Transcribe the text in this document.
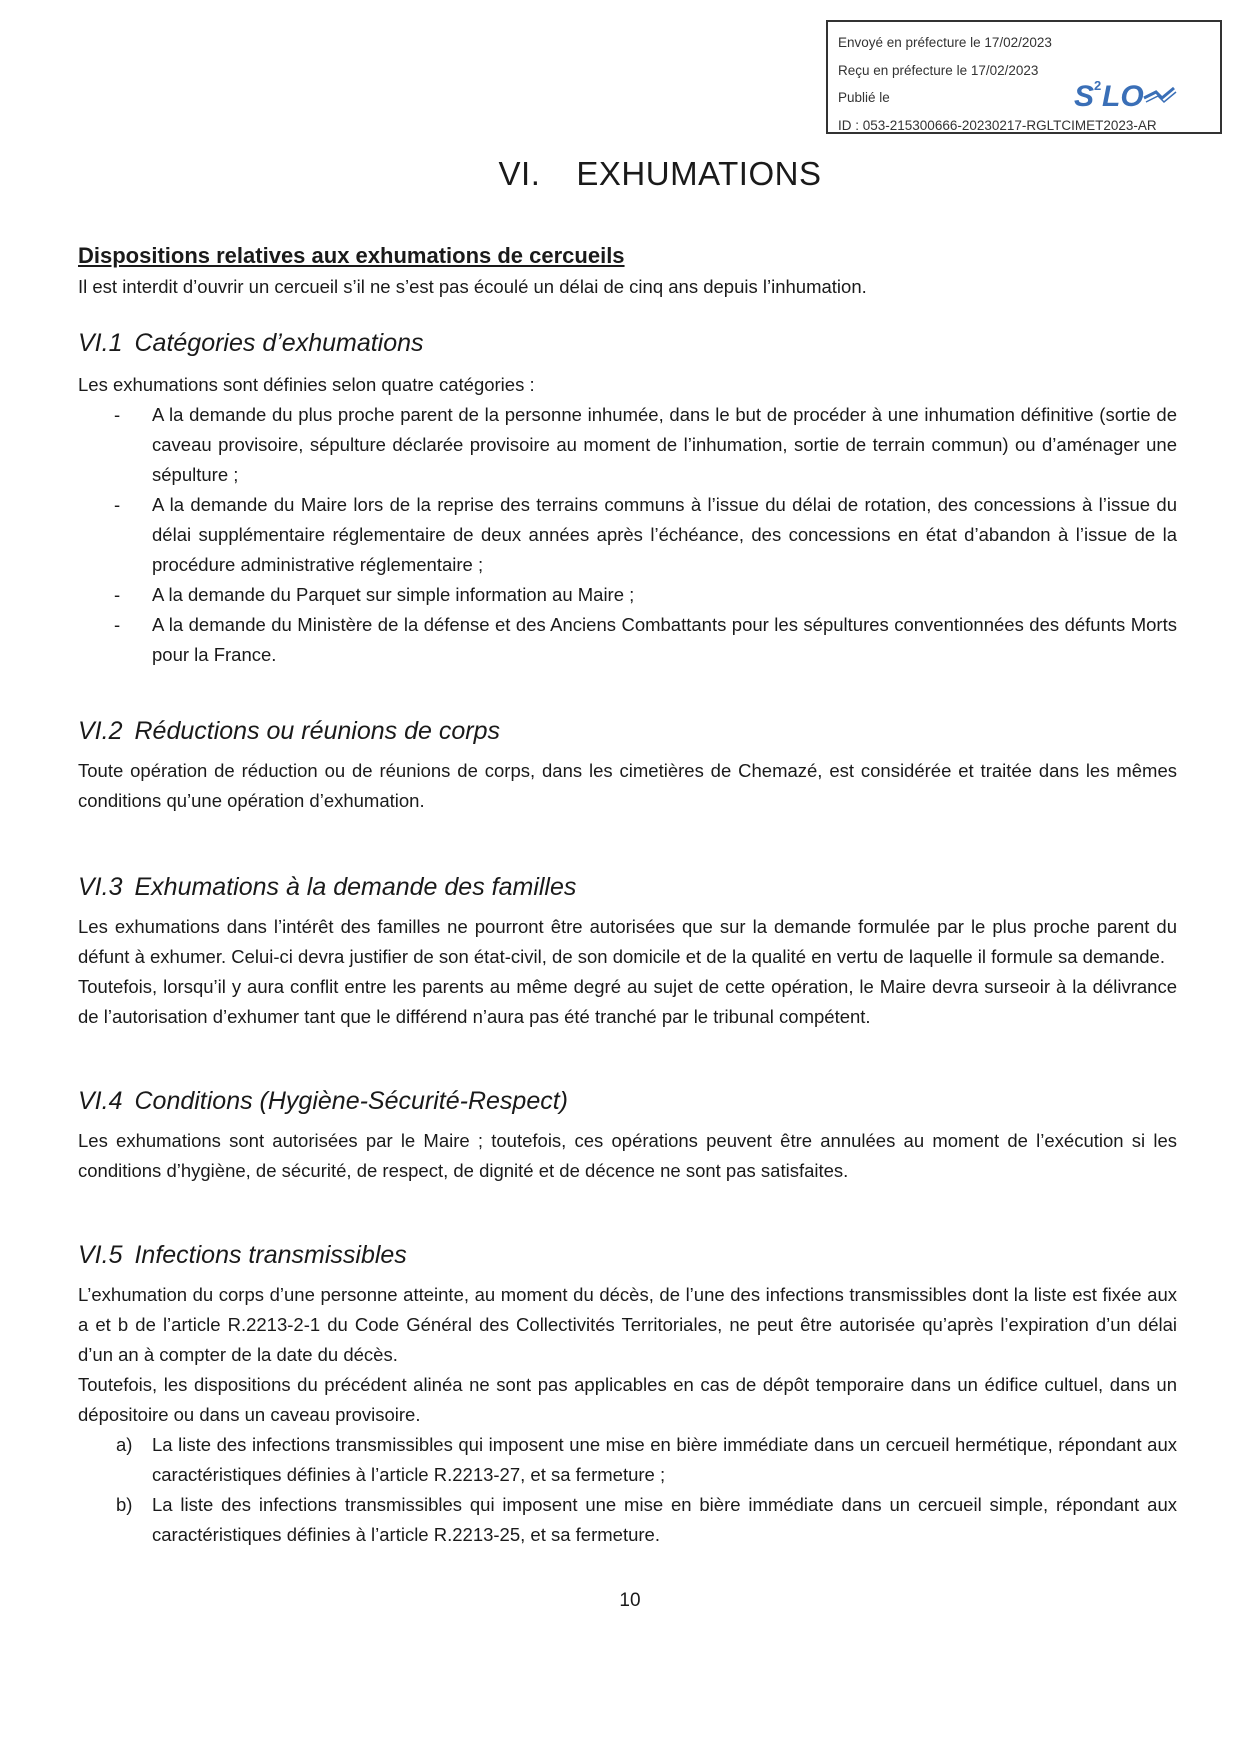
Envoyé en préfecture le 17/02/2023
Reçu en préfecture le 17/02/2023
Publié le
ID : 053-215300666-20230217-RGLTCIMET2023-AR
S 2 LO
VI. EXHUMATIONS
Dispositions relatives aux exhumations de cercueils

Il est interdit d’ouvrir un cercueil s’il ne s’est pas écoulé un délai de cinq ans depuis l’inhumation.

VI.1 Catégories d’exhumations

Les exhumations sont définies selon quatre catégories :

- A la demande du plus proche parent de la personne inhumée, dans le but de procéder à une inhumation définitive (sortie de caveau provisoire, sépulture déclarée provisoire au moment de l’inhumation, sortie de terrain commun) ou d’aménager une sépulture ;
- A la demande du Maire lors de la reprise des terrains communs à l’issue du délai de rotation, des concessions à l’issue du délai supplémentaire réglementaire de deux années après l’échéance, des concessions en état d’abandon à l’issue de la procédure administrative réglementaire ;
- A la demande du Parquet sur simple information au Maire ;
- A la demande du Ministère de la défense et des Anciens Combattants pour les sépultures conventionnées des défunts Morts pour la France.
VI.2 Réductions ou réunions de corps

Toute opération de réduction ou de réunions de corps, dans les cimetières de Chemazé, est considérée et traitée dans les mêmes conditions qu’une opération d’exhumation.

VI.3 Exhumations à la demande des familles

Les exhumations dans l’intérêt des familles ne pourront être autorisées que sur la demande formulée par le plus proche parent du défunt à exhumer. Celui-ci devra justifier de son état-civil, de son domicile et de la qualité en vertu de laquelle il formule sa demande.

Toutefois, lorsqu’il y aura conflit entre les parents au même degré au sujet de cette opération, le Maire devra surseoir à la délivrance de l’autorisation d’exhumer tant que le différend n’aura pas été tranché par le tribunal compétent.

VI.4 Conditions (Hygiène-Sécurité-Respect)

Les exhumations sont autorisées par le Maire ; toutefois, ces opérations peuvent être annulées au moment de l’exécution si les conditions d’hygiène, de sécurité, de respect, de dignité et de décence ne sont pas satisfaites.

VI.5 Infections transmissibles

L’exhumation du corps d’une personne atteinte, au moment du décès, de l’une des infections transmissibles dont la liste est fixée aux a et b de l’article R.2213-2-1 du Code Général des Collectivités Territoriales, ne peut être autorisée qu’après l’expiration d’un délai d’un an à compter de la date du décès.

Toutefois, les dispositions du précédent alinéa ne sont pas applicables en cas de dépôt temporaire dans un édifice cultuel, dans un dépositoire ou dans un caveau provisoire.

a) La liste des infections transmissibles qui imposent une mise en bière immédiate dans un cercueil hermétique, répondant aux caractéristiques définies à l’article R.2213-27, et sa fermeture ;
b) La liste des infections transmissibles qui imposent une mise en bière immédiate dans un cercueil simple, répondant aux caractéristiques définies à l’article R.2213-25, et sa fermeture.
10
